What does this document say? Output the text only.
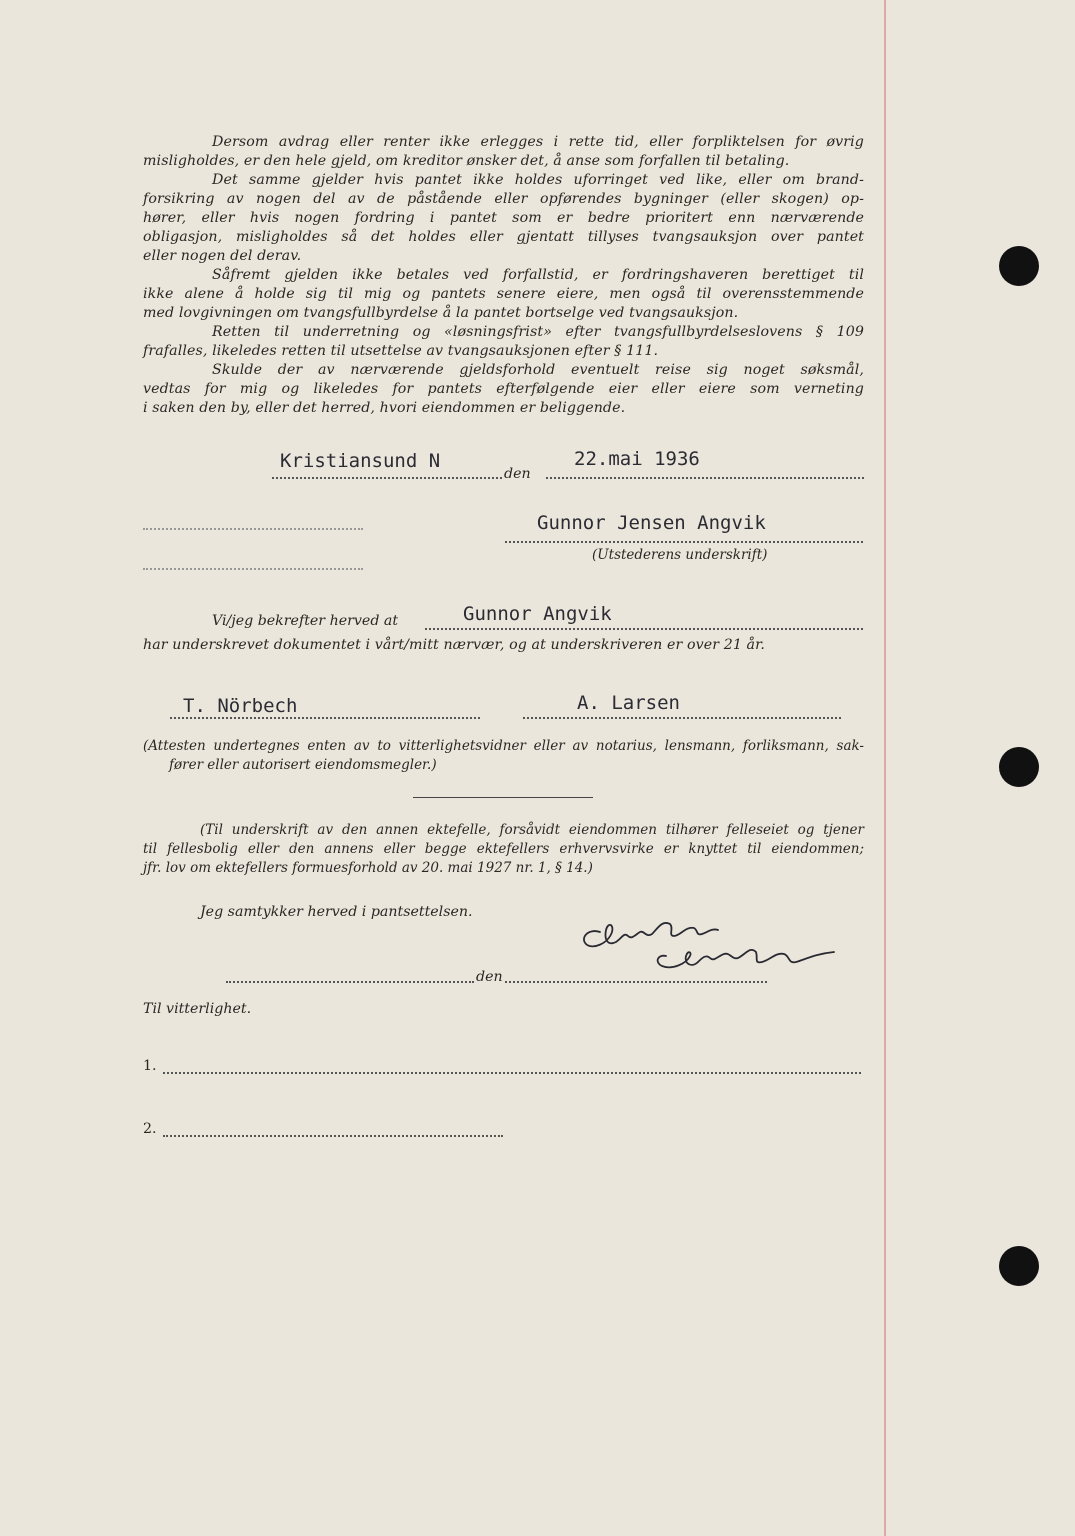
Dersom avdrag eller renter ikke erlegges i rette tid, eller forpliktelsen for øvrig
misligholdes, er den hele gjeld, om kreditor ønsker det, å anse som forfallen til betaling.
Det samme gjelder hvis pantet ikke holdes uforringet ved like, eller om brand-
forsikring av nogen del av de påstående eller opførendes bygninger (eller skogen) op-
hører, eller hvis nogen fordring i pantet som er bedre prioritert enn nærværende
obligasjon, misligholdes så det holdes eller gjentatt tillyses tvangsauksjon over pantet
eller nogen del derav.
Såfremt gjelden ikke betales ved forfallstid, er fordringshaveren berettiget til
ikke alene å holde sig til mig og pantets senere eiere, men også til overensstemmende
med lovgivningen om tvangsfullbyrdelse å la pantet bortselge ved tvangsauksjon.
Retten til underretning og «løsningsfrist» efter tvangsfullbyrdelseslovens § 109
frafalles, likeledes retten til utsettelse av tvangsauksjonen efter § 111.
Skulde der av nærværende gjeldsforhold eventuelt reise sig noget søksmål,
vedtas for mig og likeledes for pantets efterfølgende eier eller eiere som verneting
i saken den by, eller det herred, hvori eiendommen er beliggende.
Kristiansund N
den
22.mai 1936
Gunnor Jensen Angvik
(Utstederens underskrift)
Vi/jeg bekrefter herved at	Gunnor Angvik
har underskrevet dokumentet i vårt/mitt nærvær, og at underskriveren er over 21 år.
T. Nörbech	A. Larsen
(Attesten undertegnes enten av to vitterlighetsvidner eller av notarius, lensmann, forliksmann, sak-
fører eller autorisert eiendomsmegler.)
(Til underskrift av den annen ektefelle, forsåvidt eiendommen tilhører felleseiet og tjener
til fellesbolig eller den annens eller begge ektefellers erhvervsvirke er knyttet til eiendommen;
jfr. lov om ektefellers formuesforhold av 20. mai 1927 nr. 1, § 14.)
Jeg samtykker herved i pantsettelsen.
den
Til vitterlighet.
1.
2.
